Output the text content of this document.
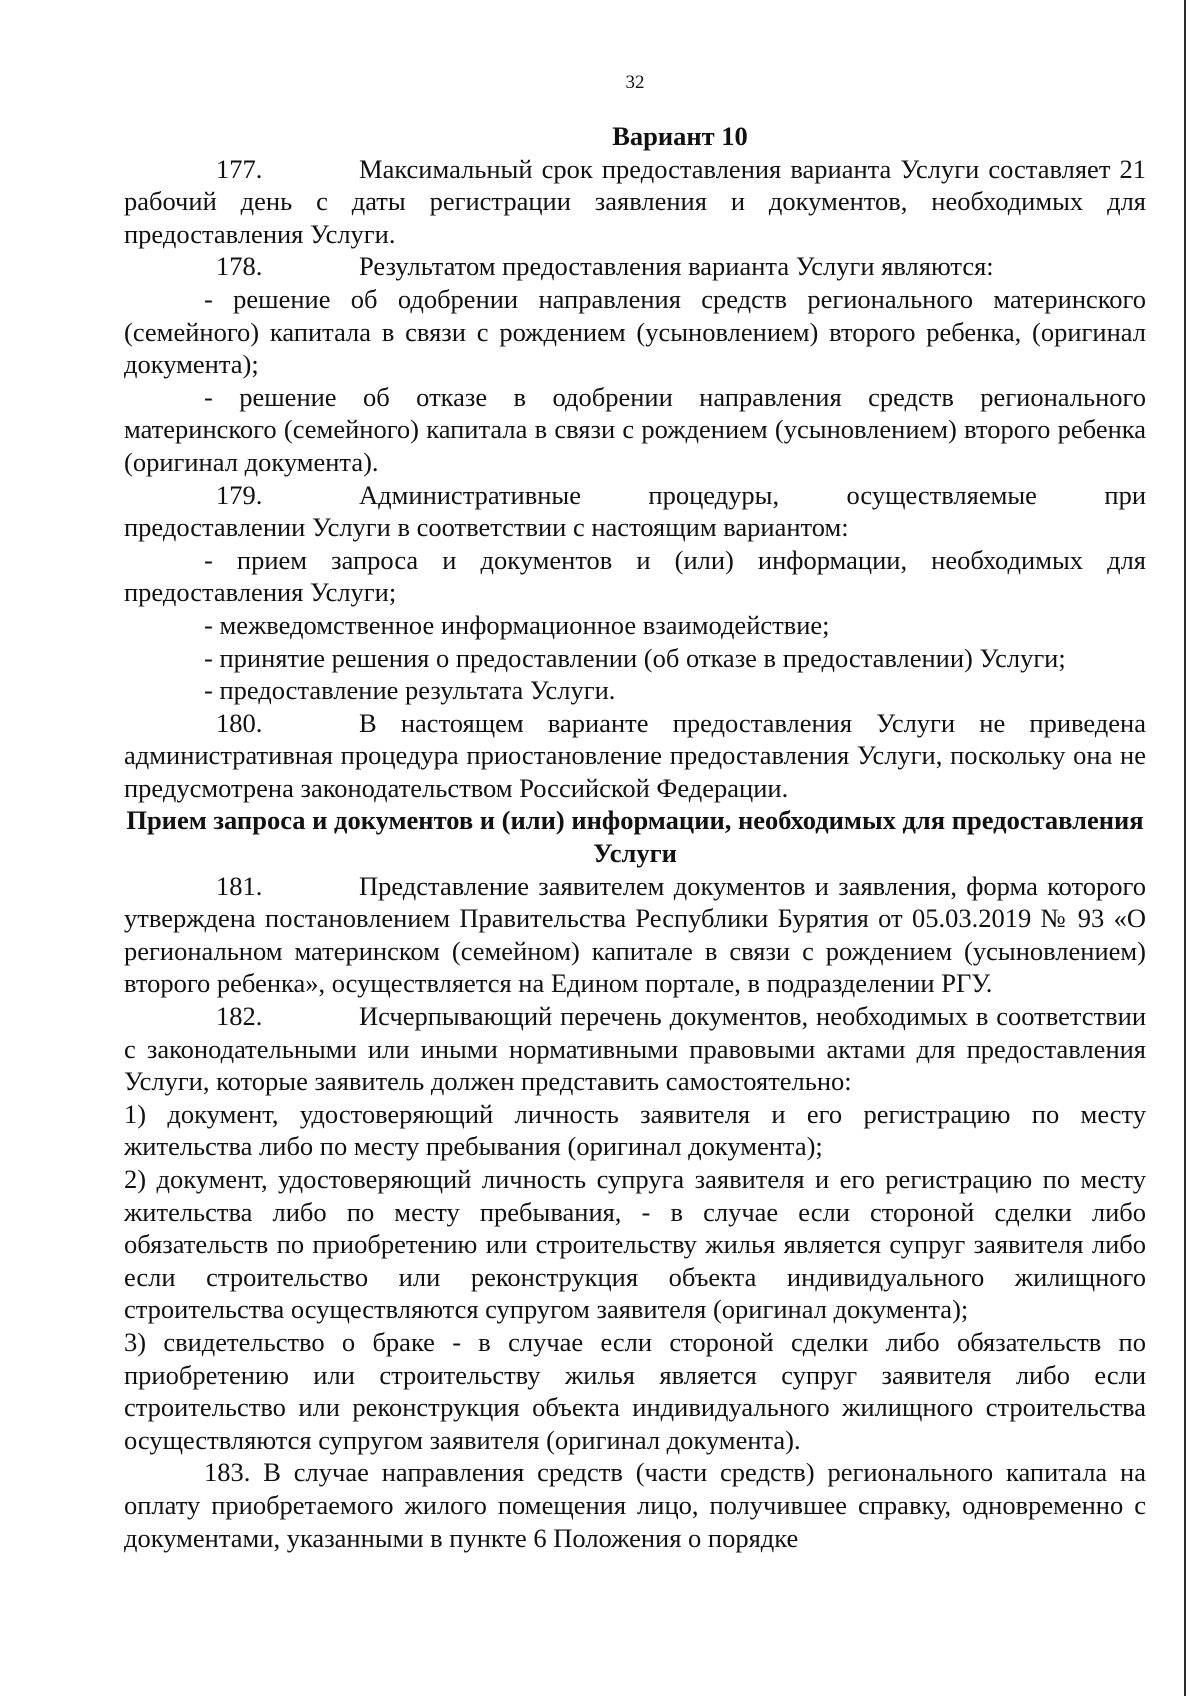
32

Вариант 10

177.	Максимальный срок предоставления варианта Услуги составляет 21 рабочий день с даты регистрации заявления и документов, необходимых для предоставления Услуги.

178.	Результатом предоставления варианта Услуги являются:

- решение об одобрении направления средств регионального материнского (семейного) капитала в связи с рождением (усыновлением) второго ребенка, (оригинал документа);

- решение об отказе в одобрении направления средств регионального материнского (семейного) капитала в связи с рождением (усыновлением) второго ребенка (оригинал документа).

179.	Административные процедуры, осуществляемые при предоставлении Услуги в соответствии с настоящим вариантом:

- прием запроса и документов и (или) информации, необходимых для предоставления Услуги;

- межведомственное информационное взаимодействие;

- принятие решения о предоставлении (об отказе в предоставлении) Услуги;

- предоставление результата Услуги.

180.	В настоящем варианте предоставления Услуги не приведена административная процедура приостановление предоставления Услуги, поскольку она не предусмотрена законодательством Российской Федерации.

Прием запроса и документов и (или) информации, необходимых для предоставления Услуги

181.	Представление заявителем документов и заявления, форма которого утверждена постановлением Правительства Республики Бурятия от 05.03.2019 № 93 «О региональном материнском (семейном) капитале в связи с рождением (усыновлением) второго ребенка», осуществляется на Едином портале, в подразделении РГУ.

182.	Исчерпывающий перечень документов, необходимых в соответствии с законодательными или иными нормативными правовыми актами для предоставления Услуги, которые заявитель должен представить самостоятельно:

1) документ, удостоверяющий личность заявителя и его регистрацию по месту жительства либо по месту пребывания (оригинал документа);

2) документ, удостоверяющий личность супруга заявителя и его регистрацию по месту жительства либо по месту пребывания, - в случае если стороной сделки либо обязательств по приобретению или строительству жилья является супруг заявителя либо если строительство или реконструкция объекта индивидуального жилищного строительства осуществляются супругом заявителя (оригинал документа);

3) свидетельство о браке - в случае если стороной сделки либо обязательств по приобретению или строительству жилья является супруг заявителя либо если строительство или реконструкция объекта индивидуального жилищного строительства осуществляются супругом заявителя (оригинал документа).

183. В случае направления средств (части средств) регионального капитала на оплату приобретаемого жилого помещения лицо, получившее справку, одновременно с документами, указанными в пункте 6 Положения о порядке
